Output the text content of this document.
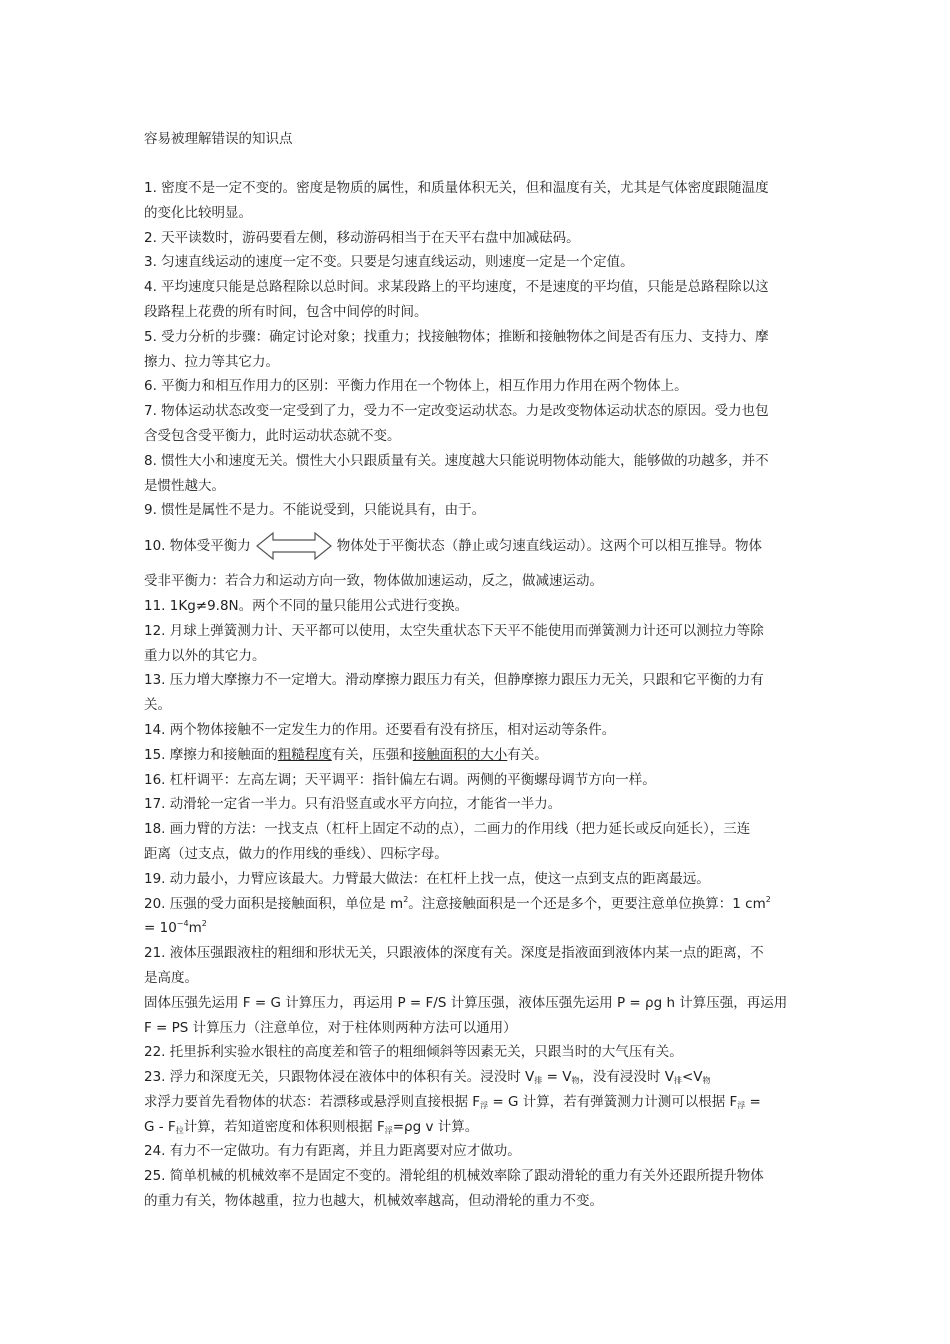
容易被理解错误的知识点

1. 密度不是一定不变的。密度是物质的属性，和质量体积无关，但和温度有关，尤其是气体密度跟随温度

的变化比较明显。

2. 天平读数时，游码要看左侧，移动游码相当于在天平右盘中加减砝码。

3. 匀速直线运动的速度一定不变。只要是匀速直线运动，则速度一定是一个定值。

4. 平均速度只能是总路程除以总时间。求某段路上的平均速度，不是速度的平均值，只能是总路程除以这

段路程上花费的所有时间，包含中间停的时间。

5. 受力分析的步骤：确定讨论对象；找重力；找接触物体；推断和接触物体之间是否有压力、支持力、摩

擦力、拉力等其它力。

6. 平衡力和相互作用力的区别：平衡力作用在一个物体上，相互作用力作用在两个物体上。

7. 物体运动状态改变一定受到了力，受力不一定改变运动状态。力是改变物体运动状态的原因。受力也包

含受包含受平衡力，此时运动状态就不变。

8. 惯性大小和速度无关。惯性大小只跟质量有关。速度越大只能说明物体动能大，能够做的功越多，并不

是惯性越大。

9. 惯性是属性不是力。不能说受到，只能说具有，由于。

10. 物体受平衡力	物体处于平衡状态（静止或匀速直线运动）。这两个可以相互推导。物体

受非平衡力：若合力和运动方向一致，物体做加速运动，反之，做减速运动。

11. 1Kg≠9.8N。两个不同的量只能用公式进行变换。

12. 月球上弹簧测力计、天平都可以使用，太空失重状态下天平不能使用而弹簧测力计还可以测拉力等除

重力以外的其它力。

13. 压力增大摩擦力不一定增大。滑动摩擦力跟压力有关，但静摩擦力跟压力无关，只跟和它平衡的力有

关。

14. 两个物体接触不一定发生力的作用。还要看有没有挤压，相对运动等条件。

15. 摩擦力和接触面的粗糙程度有关，压强和接触面积的大小有关。

16. 杠杆调平：左高左调；天平调平：指针偏左右调。两侧的平衡螺母调节方向一样。

17. 动滑轮一定省一半力。只有沿竖直或水平方向拉，才能省一半力。

18. 画力臂的方法：一找支点（杠杆上固定不动的点），二画力的作用线（把力延长或反向延长），三连

距离（过支点，做力的作用线的垂线）、四标字母。

19. 动力最小，力臂应该最大。力臂最大做法：在杠杆上找一点，使这一点到支点的距离最远。

20. 压强的受力面积是接触面积，单位是 $m^2$。注意接触面积是一个还是多个，更要注意单位换算：1 $cm^2$

= $10^{-4}m^2$

21. 液体压强跟液柱的粗细和形状无关，只跟液体的深度有关。深度是指液面到液体内某一点的距离，不

是高度。

固体压强先运用 F = G 计算压力，再运用 P = F/S 计算压强，液体压强先运用 P = ρg h 计算压强，再运用

F = PS 计算压力（注意单位，对于柱体则两种方法可以通用）

22. 托里拆利实验水银柱的高度差和管子的粗细倾斜等因素无关，只跟当时的大气压有关。

23. 浮力和深度无关，只跟物体浸在液体中的体积有关。浸没时 $V_排 = V_物$，没有浸没时 $V_排<V_物$

求浮力要首先看物体的状态：若漂移或悬浮则直接根据 $F_浮 = G$ 计算，若有弹簧测力计测可以根据 $F_浮$ =

G - $F_拉$计算，若知道密度和体积则根据 $F_浮=\rho g$ v 计算。

24. 有力不一定做功。有力有距离，并且力距离要对应才做功。

25. 简单机械的机械效率不是固定不变的。滑轮组的机械效率除了跟动滑轮的重力有关外还跟所提升物体

的重力有关，物体越重，拉力也越大，机械效率越高，但动滑轮的重力不变。
